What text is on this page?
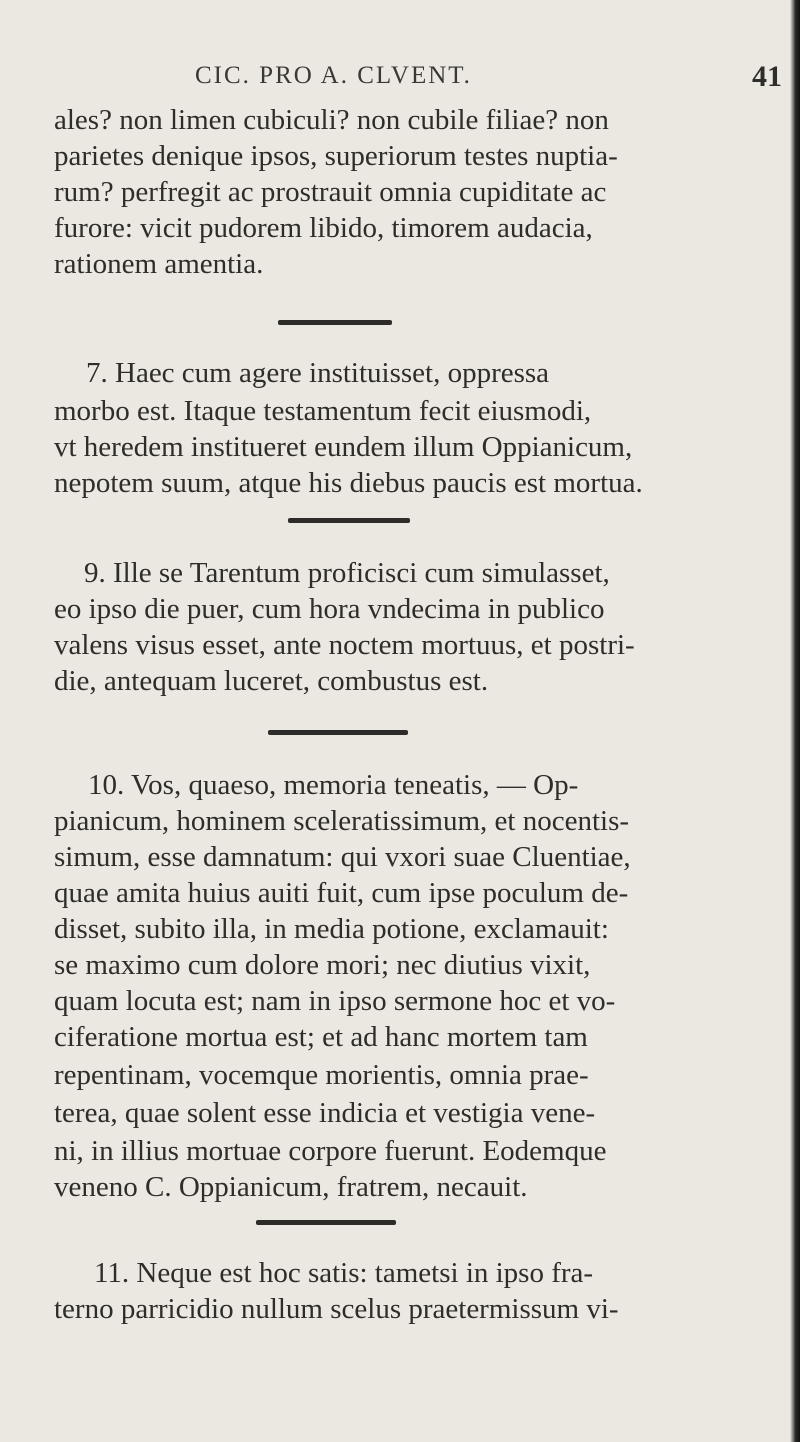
CIC. PRO A. CLVENT.	41
ales? non limen cubiculi? non cubile filiae? non
parietes denique ipsos, superiorum testes nuptia-
rum? perfregit ac prostrauit omnia cupiditate ac
furore: vicit pudorem libido, timorem audacia,
rationem amentia.
7. Haec cum agere instituisset, oppressa
morbo est. Itaque testamentum fecit eiusmodi,
vt heredem institueret eundem illum Oppianicum,
nepotem suum, atque his diebus paucis est mortua.
9. Ille se Tarentum proficisci cum simulasset,
eo ipso die puer, cum hora vndecima in publico
valens visus esset, ante noctem mortuus, et postri-
die, antequam luceret, combustus est.
10. Vos, quaeso, memoria teneatis, — Op-
pianicum, hominem sceleratissimum, et nocentis-
simum, esse damnatum: qui vxori suae Cluentiae,
quae amita huius auiti fuit, cum ipse poculum de-
disset, subito illa, in media potione, exclamauit:
se maximo cum dolore mori; nec diutius vixit,
quam locuta est; nam in ipso sermone hoc et vo-
ciferatione mortua est; et ad hanc mortem tam
repentinam, vocemque morientis, omnia prae-
terea, quae solent esse indicia et vestigia vene-
ni, in illius mortuae corpore fuerunt. Eodemque
veneno C. Oppianicum, fratrem, necauit.
11. Neque est hoc satis: tametsi in ipso fra-
terno parricidio nullum scelus praetermissum vi-
